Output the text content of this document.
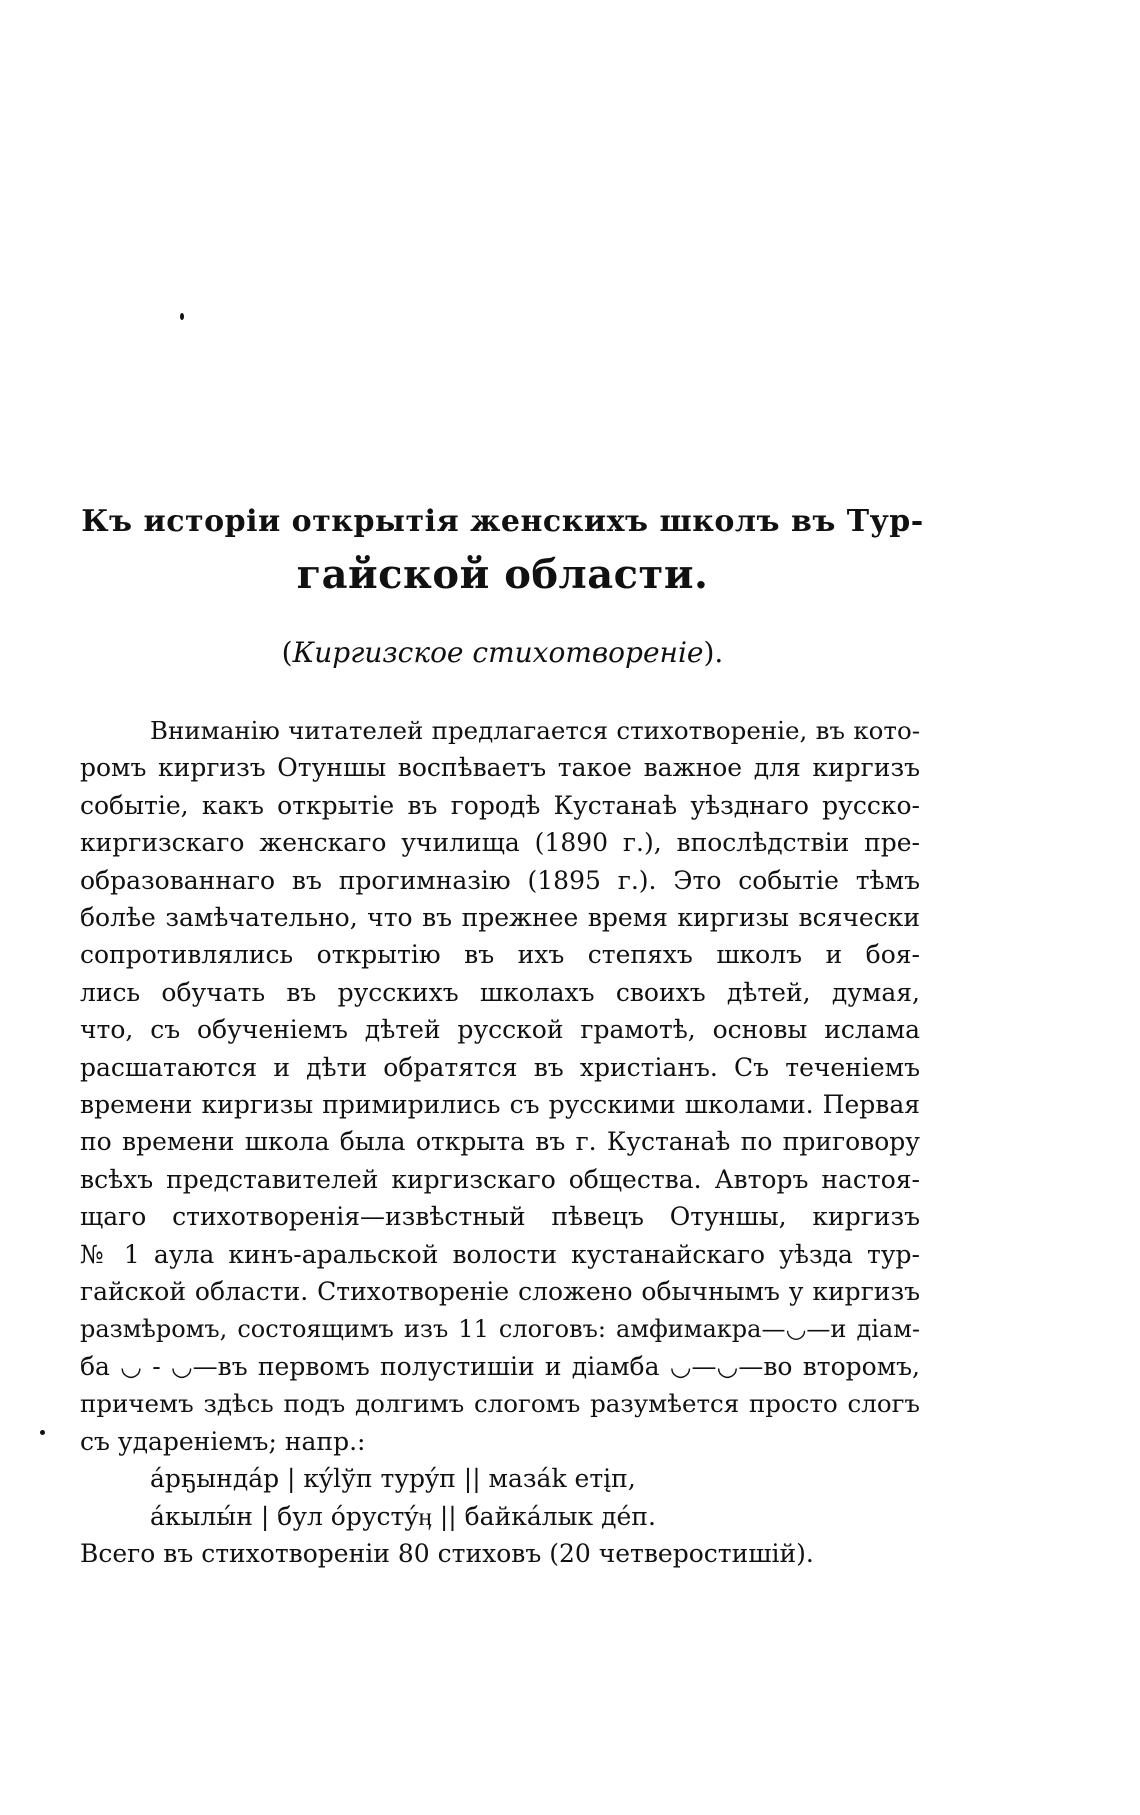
Къ исторіи открытія женскихъ школъ въ Тур-
гайской области.

(Киргизское стихотвореніе).

Вниманію читателей предлагается стихотвореніе, въ кото-
ромъ киргизъ Отуншы воспѣваетъ такое важное для киргизъ
событіе, какъ открытіе въ городѣ Кустанаѣ уѣзднаго русско-
киргизскаго женскаго училища (1890 г.), впослѣдствіи пре-
образованнаго въ прогимназію (1895 г.). Это событіе тѣмъ
болѣе замѣчательно, что въ прежнее время киргизы всячески
сопротивлялись открытію въ ихъ степяхъ школъ и боя-
лись обучать въ русскихъ школахъ своихъ дѣтей, думая,
что, съ обученіемъ дѣтей русской грамотѣ, основы ислама
расшатаются и дѣти обратятся въ христіанъ. Съ теченіемъ
времени киргизы примирились съ русскими школами. Первая
по времени школа была открыта въ г. Кустанаѣ по приговору
всѣхъ представителей киргизскаго общества. Авторъ настоя-
щаго стихотворенія—извѣстный пѣвецъ Отуншы, киргизъ
№ 1 аула кинъ-аральской волости кустанайскаго уѣзда тур-
гайской области. Стихотвореніе сложено обычнымъ у киргизъ
размѣромъ, состоящимъ изъ 11 слоговъ: амфимакра—◡—и діам-
ба ◡ - ◡—въ первомъ полустишіи и діамба ◡—◡—во второмъ,
причемъ здѣсь подъ долгимъ слогомъ разумѣется просто слогъ
съ удареніемъ; напр.:
áрҕындáр | кýlўп турýп || мазák етįп,
áкылы́н | бул óрустýӊ || байкáлык дéп.
Всего въ стихотвореніи 80 стиховъ (20 четверостишій).
